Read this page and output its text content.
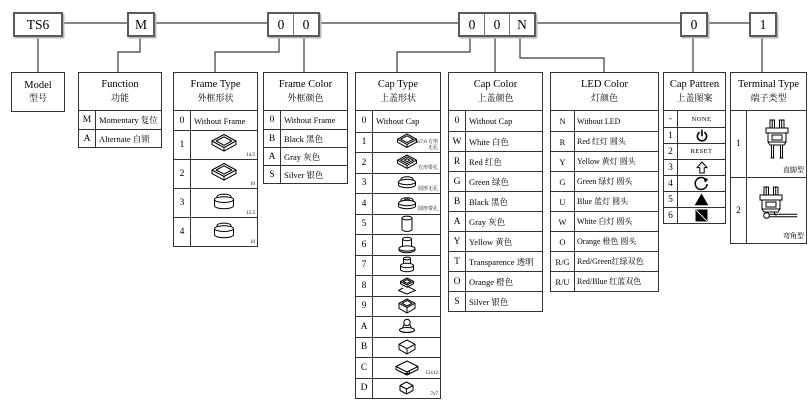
TS6	M	0	0	0	0	N	0	1
Model
型号
Function
功能
M Momentary 复位
A	Alternate 自锁
Frame Type
外框形状
0	Without Frame
1
14.5
2
10
3
12.5
4
10
Frame Color
外框颜色
0	Without Frame
B	Black 黑色
A	Gray 灰色
S	Silver 银色
Cap Type
上盖形状
0	Without Cap
1	7.6x7.6 方形无孔
2
方形带孔
3
圆形无孔
4
圆形带孔
5
6
7
8
9
A
B
C
12x12
D
7x7
Cap Color
上盖颜色
0	Without Cap
W White 白色
R	Red 红色
G	Green 绿色
B	Black 黑色
A	Gray 灰色
Y	Yellow 黄色
T	Transparence 透明
O	Orange 橙色
S	Silver 银色
LED Color
灯颜色
N	Without LED
R	Red 红灯 圆头
Y	Yellow 黄灯 圆头
G	Green 绿灯 圆头
U	Blue 蓝灯 圆头
W	White 白灯 圆头
O	Orange 橙色 圆头
R/G Red/Green红绿双色
R/U Red/Blue 红蓝双色
Cap Pattren
上盖图案
-	NONE
1
2	RESET
3
4
5
6
Terminal Type
端子类型
1
直脚型
2
弯角型
